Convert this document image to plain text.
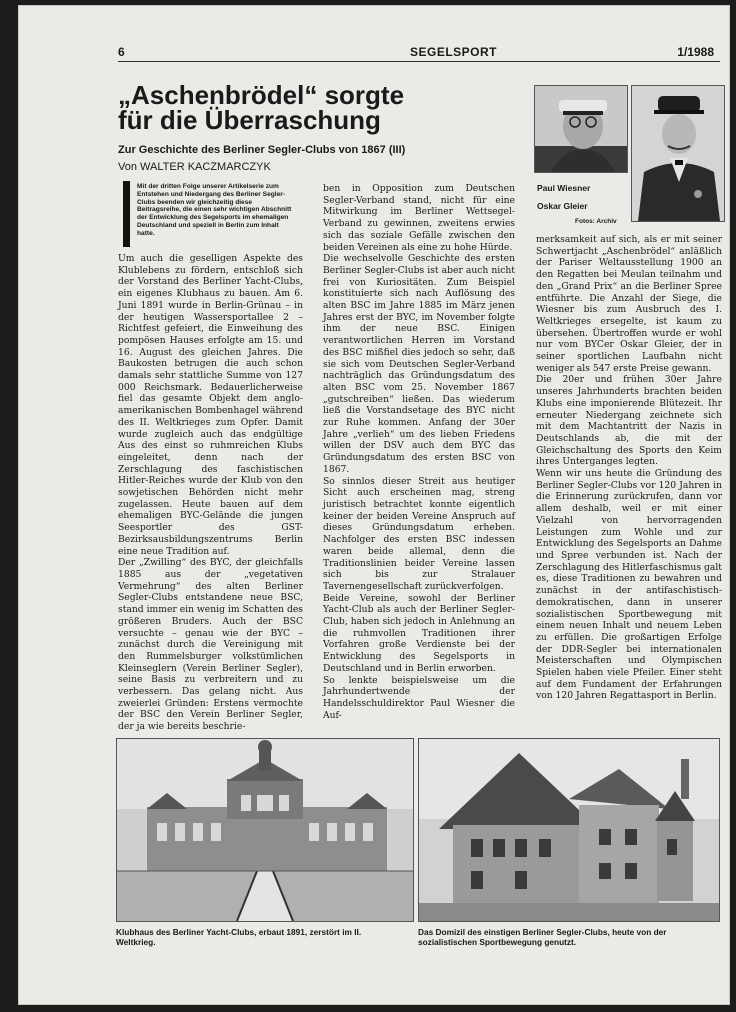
6	SEGELSPORT	1/1988
„Aschenbrödel“ sorgte
für die Überraschung
Zur Geschichte des Berliner Segler-Clubs von 1867 (III)
Von WALTER KACZMARCZYK
Paul Wiesner
Oskar Gleier
Fotos: Archiv
Mit der dritten Folge unserer Artikelserie zum Entstehen und Niedergang des Berliner Segler-Clubs beenden wir gleichzeitig diese Beitragsreihe, die einen sehr wichtigen Abschnitt der Entwicklung des Segelsports im ehemaligen Deutschland und speziell in Berlin zum Inhalt hatte.

Um auch die geselligen Aspekte des Klublebens zu fördern, entschloß sich der Vorstand des Berliner Yacht-Clubs, ein eigenes Klubhaus zu bauen. Am 6. Juni 1891 wurde in Berlin-Grünau – in der heutigen Wassersportallee 2 – Richtfest gefeiert, die Einweihung des pompösen Hauses erfolgte am 15. und 16. August des gleichen Jahres. Die Baukosten betrugen die auch schon damals sehr stattliche Summe von 127 000 Reichsmark. Bedauerlicherweise fiel das gesamte Objekt dem anglo-amerikanischen Bombenhagel während des II. Weltkrieges zum Opfer. Damit wurde zugleich auch das endgültige Aus des einst so ruhmreichen Klubs eingeleitet, denn nach der Zerschlagung des faschistischen Hitler-Reiches wurde der Klub von den sowjetischen Behörden nicht mehr zugelassen. Heute bauen auf dem ehemaligen BYC-Gelände die jungen Seesportler des GST-Bezirksausbildungszentrums Berlin eine neue Tradition auf.
Der „Zwilling“ des BYC, der gleichfalls 1885 aus der „vegetativen Vermehrung“ des alten Berliner Segler-Clubs entstandene neue BSC, stand immer ein wenig im Schatten des größeren Bruders. Auch der BSC versuchte – genau wie der BYC – zunächst durch die Vereinigung mit den Rummelsburger volkstümlichen Kleinseglern (Verein Berliner Segler), seine Basis zu verbreitern und zu verbessern. Das gelang nicht. Aus zweierlei Gründen: Erstens vermochte der BSC den Verein Berliner Segler, der ja wie bereits beschrie-

ben in Opposition zum Deutschen Segler-Verband stand, nicht für eine Mitwirkung im Berliner Wettsegel-Verband zu gewinnen, zweitens erwies sich das soziale Gefälle zwischen den beiden Vereinen als eine zu hohe Hürde.
Die wechselvolle Geschichte des ersten Berliner Segler-Clubs ist aber auch nicht frei von Kuriositäten. Zum Beispiel konstituierte sich nach Auflösung des alten BSC im Jahre 1885 im März jenen Jahres erst der BYC, im November folgte ihm der neue BSC. Einigen verantwortlichen Herren im Vorstand des BSC mißfiel dies jedoch so sehr, daß sie sich vom Deutschen Segler-Verband nachträglich das Gründungsdatum des alten BSC vom 25. November 1867 „gutschreiben“ ließen. Das wiederum ließ die Vorstandsetage des BYC nicht zur Ruhe kommen. Anfang der 30er Jahre „verlieh“ um des lieben Friedens willen der DSV auch dem BYC das Gründungsdatum des ersten BSC von 1867.
So sinnlos dieser Streit aus heutiger Sicht auch erscheinen mag, streng juristisch betrachtet konnte eigentlich keiner der beiden Vereine Anspruch auf dieses Gründungsdatum erheben. Nachfolger des ersten BSC indessen waren beide allemal, denn die Traditionslinien beider Vereine lassen sich bis zur Stralauer Tavernengesellschaft zurückverfolgen.
Beide Vereine, sowohl der Berliner Yacht-Club als auch der Berliner Segler-Club, haben sich jedoch in Anlehnung an die ruhmvollen Traditionen ihrer Vorfahren große Verdienste bei der Entwicklung des Segelsports in Deutschland und in Berlin erworben.
So lenkte beispielsweise um die Jahrhundertwende der Handelsschuldirektor Paul Wiesner die Auf-

merksamkeit auf sich, als er mit seiner Schwertjacht „Aschenbrödel“ anläßlich der Pariser Weltausstellung 1900 an den Regatten bei Meulan teilnahm und den „Grand Prix“ an die Berliner Spree entführte. Die Anzahl der Siege, die Wiesner bis zum Ausbruch des I. Weltkrieges ersegelte, ist kaum zu übersehen. Übertroffen wurde er wohl nur vom BYCer Oskar Gleier, der in seiner sportlichen Laufbahn nicht weniger als 547 erste Preise gewann.
Die 20er und frühen 30er Jahre unseres Jahrhunderts brachten beiden Klubs eine imponierende Blütezeit. Ihr erneuter Niedergang zeichnete sich mit dem Machtantritt der Nazis in Deutschlands ab, die mit der Gleichschaltung des Sports den Keim ihres Unterganges legten.
Wenn wir uns heute die Gründung des Berliner Segler-Clubs vor 120 Jahren in die Erinnerung zurückrufen, dann vor allem deshalb, weil er mit einer Vielzahl von hervorragenden Leistungen zum Wohle und zur Entwicklung des Segelsports an Dahme und Spree verbunden ist. Nach der Zerschlagung des Hitlerfaschismus galt es, diese Traditionen zu bewahren und zunächst in der antifaschistisch-demokratischen, dann in unserer sozialistischen Sportbewegung mit einem neuen Inhalt und neuem Leben zu erfüllen. Die großartigen Erfolge der DDR-Segler bei internationalen Meisterschaften und Olympischen Spielen haben viele Pfeiler. Einer steht auf dem Fundament der Erfahrungen von 120 Jahren Regattasport in Berlin.

Klubhaus des Berliner Yacht-Clubs, erbaut 1891, zerstört im II. Weltkrieg.
Das Domizil des einstigen Berliner Segler-Clubs, heute von der sozialistischen Sportbewegung genutzt.
